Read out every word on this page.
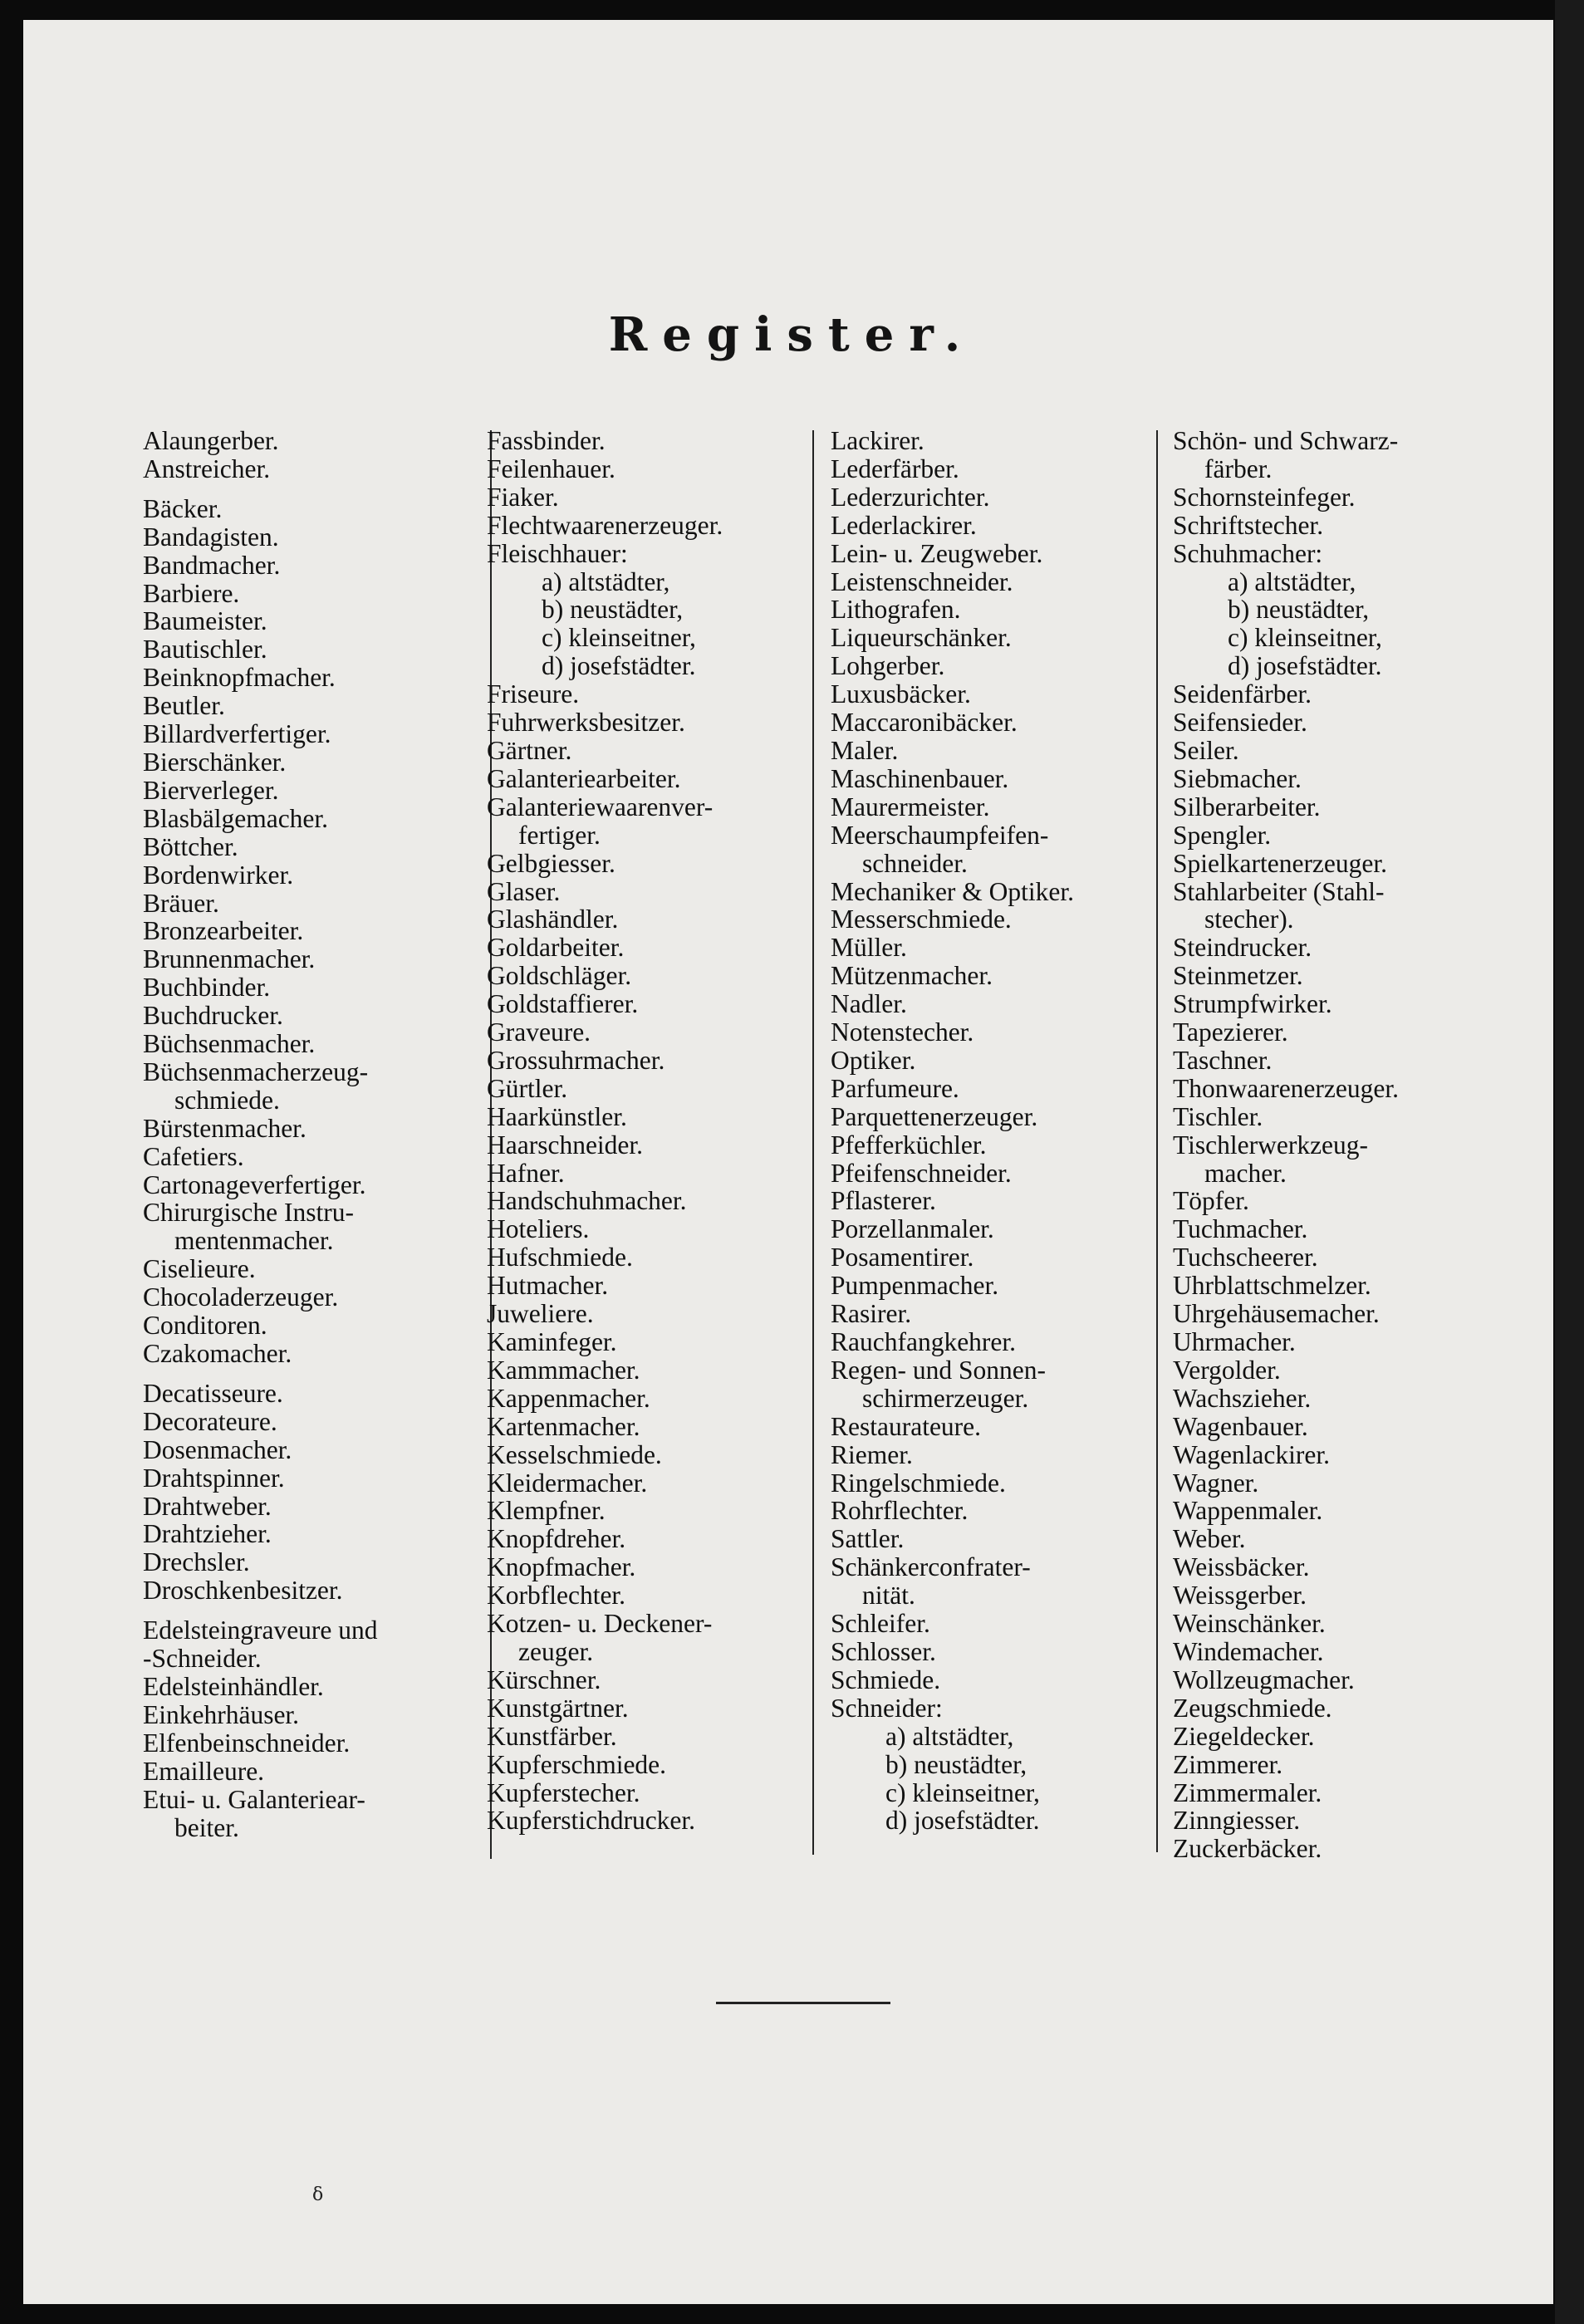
Register.
Alaungerber.
Anstreicher.
Bäcker.
Bandagisten.
Bandmacher.
Barbiere.
Baumeister.
Bautischler.
Beinknopfmacher.
Beutler.
Billardverfertiger.
Bierschänker.
Bierverleger.
Blasbälgemacher.
Böttcher.
Bordenwirker.
Bräuer.
Bronzearbeiter.
Brunnenmacher.
Buchbinder.
Buchdrucker.
Büchsenmacher.
Büchsenmacherzeug-
schmiede.
Bürstenmacher.
Cafetiers.
Cartonageverfertiger.
Chirurgische Instru-
mentenmacher.
Ciselieure.
Chocoladerzeuger.
Conditoren.
Czakomacher.
Decatisseure.
Decorateure.
Dosenmacher.
Drahtspinner.
Drahtweber.
Drahtzieher.
Drechsler.
Droschkenbesitzer.
Edelsteingraveure und
-Schneider.
Edelsteinhändler.
Einkehrhäuser.
Elfenbeinschneider.
Emailleure.
Etui- u. Galanteriear-
beiter.
Fassbinder.
Feilenhauer.
Fiaker.
Flechtwaarenerzeuger.
Fleischhauer:
a) altstädter,
b) neustädter,
c) kleinseitner,
d) josefstädter.
Friseure.
Fuhrwerksbesitzer.
Gärtner.
Galanteriearbeiter.
Galanteriewaarenver-
fertiger.
Gelbgiesser.
Glaser.
Glashändler.
Goldarbeiter.
Goldschläger.
Goldstaffierer.
Graveure.
Grossuhrmacher.
Gürtler.
Haarkünstler.
Haarschneider.
Hafner.
Handschuhmacher.
Hoteliers.
Hufschmiede.
Hutmacher.
Juweliere.
Kaminfeger.
Kammmacher.
Kappenmacher.
Kartenmacher.
Kesselschmiede.
Kleidermacher.
Klempfner.
Knopfdreher.
Knopfmacher.
Korbflechter.
Kotzen- u. Deckener-
zeuger.
Kürschner.
Kunstgärtner.
Kunstfärber.
Kupferschmiede.
Kupferstecher.
Kupferstichdrucker.
Lackirer.
Lederfärber.
Lederzurichter.
Lederlackirer.
Lein- u. Zeugweber.
Leistenschneider.
Lithografen.
Liqueurschänker.
Lohgerber.
Luxusbäcker.
Maccaronibäcker.
Maler.
Maschinenbauer.
Maurermeister.
Meerschaumpfeifen-
schneider.
Mechaniker & Optiker.
Messerschmiede.
Müller.
Mützenmacher.
Nadler.
Notenstecher.
Optiker.
Parfumeure.
Parquettenerzeuger.
Pfefferküchler.
Pfeifenschneider.
Pflasterer.
Porzellanmaler.
Posamentirer.
Pumpenmacher.
Rasirer.
Rauchfangkehrer.
Regen- und Sonnen-
schirmerzeuger.
Restaurateure.
Riemer.
Ringelschmiede.
Rohrflechter.
Sattler.
Schänkerconfrater-
nität.
Schleifer.
Schlosser.
Schmiede.
Schneider:
a) altstädter,
b) neustädter,
c) kleinseitner,
d) josefstädter.
Schön- und Schwarz-
färber.
Schornsteinfeger.
Schriftstecher.
Schuhmacher:
a) altstädter,
b) neustädter,
c) kleinseitner,
d) josefstädter.
Seidenfärber.
Seifensieder.
Seiler.
Siebmacher.
Silberarbeiter.
Spengler.
Spielkartenerzeuger.
Stahlarbeiter (Stahl-
stecher).
Steindrucker.
Steinmetzer.
Strumpfwirker.
Tapezierer.
Taschner.
Thonwaarenerzeuger.
Tischler.
Tischlerwerkzeug-
macher.
Töpfer.
Tuchmacher.
Tuchscheerer.
Uhrblattschmelzer.
Uhrgehäusemacher.
Uhrmacher.
Vergolder.
Wachszieher.
Wagenbauer.
Wagenlackirer.
Wagner.
Wappenmaler.
Weber.
Weissbäcker.
Weissgerber.
Weinschänker.
Windemacher.
Wollzeugmacher.
Zeugschmiede.
Ziegeldecker.
Zimmerer.
Zimmermaler.
Zinngiesser.
Zuckerbäcker.
δ
